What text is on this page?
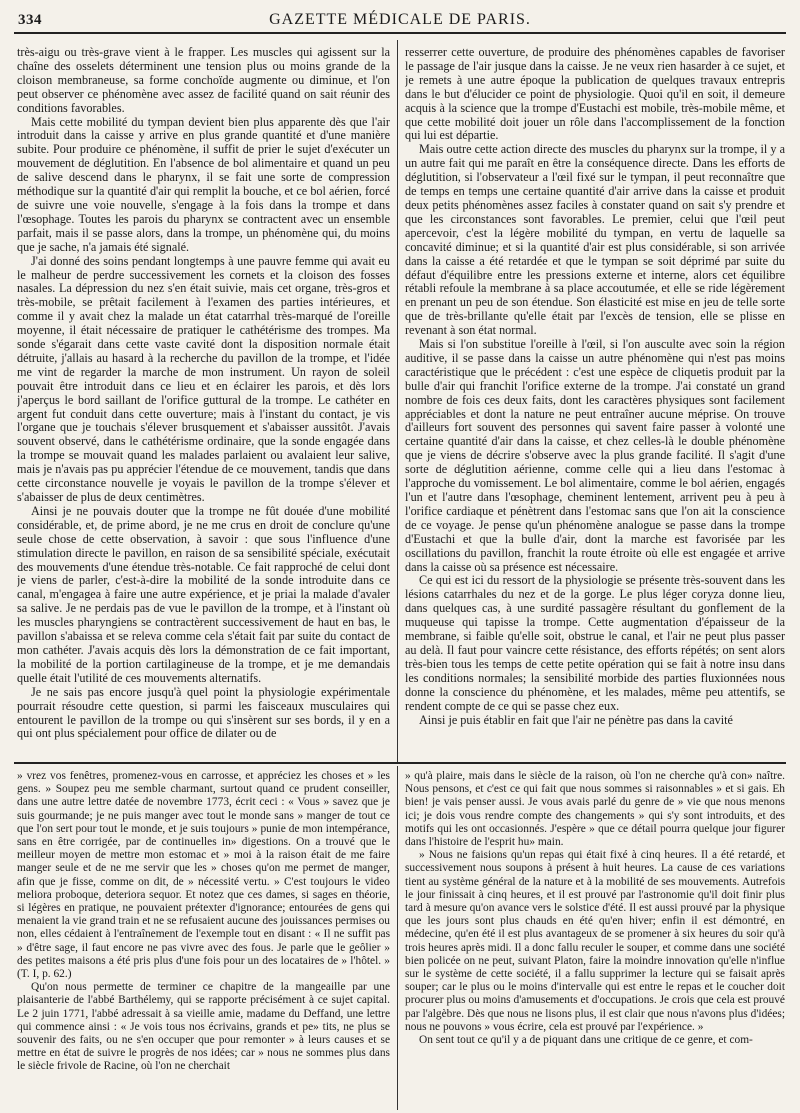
334	GAZETTE MÉDICALE DE PARIS.

très-aigu ou très-grave vient à le frapper. Les muscles qui agissent sur la chaîne des osselets déterminent une tension plus ou moins grande de la cloison membraneuse, sa forme conchoïde augmente ou diminue, et l'on peut observer ce phénomène avec assez de facilité quand on sait réunir des conditions favorables.

Mais cette mobilité du tympan devient bien plus apparente dès que l'air introduit dans la caisse y arrive en plus grande quantité et d'une manière subite. Pour produire ce phénomène, il suffit de prier le sujet d'exécuter un mouvement de déglutition. En l'absence de bol alimentaire et quand un peu de salive descend dans le pharynx, il se fait une sorte de compression méthodique sur la quantité d'air qui remplit la bouche, et ce bol aérien, forcé de suivre une voie nouvelle, s'engage à la fois dans la trompe et dans l'œsophage. Toutes les parois du pharynx se contractent avec un ensemble parfait, mais il se passe alors, dans la trompe, un phénomène qui, du moins que je sache, n'a jamais été signalé.

J'ai donné des soins pendant longtemps à une pauvre femme qui avait eu le malheur de perdre successivement les cornets et la cloison des fosses nasales. La dépression du nez s'en était suivie, mais cet organe, très-gros et très-mobile, se prêtait facilement à l'examen des parties intérieures, et comme il y avait chez la malade un état catarrhal très-marqué de l'oreille moyenne, il était nécessaire de pratiquer le cathétérisme des trompes. Ma sonde s'égarait dans cette vaste cavité dont la disposition normale était détruite, j'allais au hasard à la recherche du pavillon de la trompe, et l'idée me vint de regarder la marche de mon instrument. Un rayon de soleil pouvait être introduit dans ce lieu et en éclairer les parois, et dès lors j'aperçus le bord saillant de l'orifice guttural de la trompe. Le cathéter en argent fut conduit dans cette ouverture; mais à l'instant du contact, je vis l'organe que je touchais s'élever brusquement et s'abaisser aussitôt. J'avais souvent observé, dans le cathétérisme ordinaire, que la sonde engagée dans la trompe se mouvait quand les malades parlaient ou avalaient leur salive, mais je n'avais pas pu apprécier l'étendue de ce mouvement, tandis que dans cette circonstance nouvelle je voyais le pavillon de la trompe s'élever et s'abaisser de plus de deux centimètres.

Ainsi je ne pouvais douter que la trompe ne fût douée d'une mobilité considérable, et, de prime abord, je ne me crus en droit de conclure qu'une seule chose de cette observation, à savoir : que sous l'influence d'une stimulation directe le pavillon, en raison de sa sensibilité spéciale, exécutait des mouvements d'une étendue très-notable. Ce fait rapproché de celui dont je viens de parler, c'est-à-dire la mobilité de la sonde introduite dans ce canal, m'engagea à faire une autre expérience, et je priai la malade d'avaler sa salive. Je ne perdais pas de vue le pavillon de la trompe, et à l'instant où les muscles pharyngiens se contractèrent successivement de haut en bas, le pavillon s'abaissa et se releva comme cela s'était fait par suite du contact de mon cathéter. J'avais acquis dès lors la démonstration de ce fait important, la mobilité de la portion cartilagineuse de la trompe, et je me demandais quelle était l'utilité de ces mouvements alternatifs.

Je ne sais pas encore jusqu'à quel point la physiologie expérimentale pourrait résoudre cette question, si parmi les faisceaux musculaires qui entourent le pavillon de la trompe ou qui s'insèrent sur ses bords, il y en a qui ont plus spécialement pour office de dilater ou de

resserrer cette ouverture, de produire des phénomènes capables de favoriser le passage de l'air jusque dans la caisse. Je ne veux rien hasarder à ce sujet, et je remets à une autre époque la publication de quelques travaux entrepris dans le but d'élucider ce point de physiologie. Quoi qu'il en soit, il demeure acquis à la science que la trompe d'Eustachi est mobile, très-mobile même, et que cette mobilité doit jouer un rôle dans l'accomplissement de la fonction qui lui est départie.

Mais outre cette action directe des muscles du pharynx sur la trompe, il y a un autre fait qui me paraît en être la conséquence directe. Dans les efforts de déglutition, si l'observateur a l'œil fixé sur le tympan, il peut reconnaître que de temps en temps une certaine quantité d'air arrive dans la caisse et produit deux petits phénomènes assez faciles à constater quand on sait s'y prendre et que les circonstances sont favorables. Le premier, celui que l'œil peut apercevoir, c'est la légère mobilité du tympan, en vertu de laquelle sa concavité diminue; et si la quantité d'air est plus considérable, si son arrivée dans la caisse a été retardée et que le tympan se soit déprimé par suite du défaut d'équilibre entre les pressions externe et interne, alors cet équilibre rétabli refoule la membrane à sa place accoutumée, et elle se ride légèrement en prenant un peu de son étendue. Son élasticité est mise en jeu de telle sorte que de très-brillante qu'elle était par l'excès de tension, elle se plisse en revenant à son état normal.

Mais si l'on substitue l'oreille à l'œil, si l'on ausculte avec soin la région auditive, il se passe dans la caisse un autre phénomène qui n'est pas moins caractéristique que le précédent : c'est une espèce de cliquetis produit par la bulle d'air qui franchit l'orifice externe de la trompe. J'ai constaté un grand nombre de fois ces deux faits, dont les caractères physiques sont facilement appréciables et dont la nature ne peut entraîner aucune méprise. On trouve d'ailleurs fort souvent des personnes qui savent faire passer à volonté une certaine quantité d'air dans la caisse, et chez celles-là le double phénomène que je viens de décrire s'observe avec la plus grande facilité. Il s'agit d'une sorte de déglutition aérienne, comme celle qui a lieu dans l'estomac à l'approche du vomissement. Le bol alimentaire, comme le bol aérien, engagés l'un et l'autre dans l'œsophage, cheminent lentement, arrivent peu à peu à l'orifice cardiaque et pénètrent dans l'estomac sans que l'on ait la conscience de ce voyage. Je pense qu'un phénomène analogue se passe dans la trompe d'Eustachi et que la bulle d'air, dont la marche est favorisée par les oscillations du pavillon, franchit la route étroite où elle est engagée et arrive dans la caisse où sa présence est nécessaire.

Ce qui est ici du ressort de la physiologie se présente très-souvent dans les lésions catarrhales du nez et de la gorge. Le plus léger coryza donne lieu, dans quelques cas, à une surdité passagère résultant du gonflement de la muqueuse qui tapisse la trompe. Cette augmentation d'épaisseur de la membrane, si faible qu'elle soit, obstrue le canal, et l'air ne peut plus passer au delà. Il faut pour vaincre cette résistance, des efforts répétés; on sent alors très-bien tous les temps de cette petite opération qui se fait à notre insu dans les conditions normales; la sensibilité morbide des parties fluxionnées nous donne la conscience du phénomène, et les malades, même peu attentifs, se rendent compte de ce qui se passe chez eux.

Ainsi je puis établir en fait que l'air ne pénètre pas dans la cavité

» vrez vos fenêtres, promenez-vous en carrosse, et appréciez les choses et » les gens. » Soupez peu me semble charmant, surtout quand ce prudent conseiller, dans une autre lettre datée de novembre 1773, écrit ceci : « Vous » savez que je suis gourmande; je ne puis manger avec tout le monde sans » manger de tout ce que l'on sert pour tout le monde, et je suis toujours » punie de mon intempérance, sans en être corrigée, par de continuelles in» digestions. On a trouvé que le meilleur moyen de mettre mon estomac et » moi à la raison était de me faire manger seule et de ne me servir que les » choses qu'on me permet de manger, afin que je fisse, comme on dit, de » nécessité vertu. » C'est toujours le video meliora proboque, deteriora sequor. Et notez que ces dames, si sages en théorie, si légères en pratique, ne pouvaient prétexter d'ignorance; entourées de gens qui menaient la vie grand train et ne se refusaient aucune des jouissances permises ou non, elles cédaient à l'entraînement de l'exemple tout en disant : « Il ne suffit pas » d'être sage, il faut encore ne pas vivre avec des fous. Je parle que le geôlier » des petites maisons a été pris plus d'une fois pour un des locataires de » l'hôtel. » (T. I, p. 62.)

Qu'on nous permette de terminer ce chapitre de la mangeaille par une plaisanterie de l'abbé Barthélemy, qui se rapporte précisément à ce sujet capital. Le 2 juin 1771, l'abbé adressait à sa vieille amie, madame du Deffand, une lettre qui commence ainsi : « Je vois tous nos écrivains, grands et pe» tits, ne plus se souvenir des faits, ou ne s'en occuper que pour remonter » à leurs causes et se mettre en état de suivre le progrès de nos idées; car » nous ne sommes plus dans le siècle frivole de Racine, où l'on ne cherchait

» qu'à plaire, mais dans le siècle de la raison, où l'on ne cherche qu'à con» naître. Nous pensons, et c'est ce qui fait que nous sommes si raisonnables » et si gais. Eh bien! je vais penser aussi. Je vous avais parlé du genre de » vie que nous menons ici; je dois vous rendre compte des changements » qui s'y sont introduits, et des motifs qui les ont occasionnés. J'espère » que ce détail pourra quelque jour figurer dans l'histoire de l'esprit hu» main.

» Nous ne faisions qu'un repas qui était fixé à cinq heures. Il a été retardé, et successivement nous soupons à présent à huit heures. La cause de ces variations tient au système général de la nature et à la mobilité de ses mouvements. Autrefois le jour finissait à cinq heures, et il est prouvé par l'astronomie qu'il doit finir plus tard à mesure qu'on avance vers le solstice d'été. Il est aussi prouvé par la physique que les jours sont plus chauds en été qu'en hiver; enfin il est démontré, en médecine, qu'en été il est plus avantageux de se promener à six heures du soir qu'à trois heures après midi. Il a donc fallu reculer le souper, et comme dans une société bien policée on ne peut, suivant Platon, faire la moindre innovation qu'elle n'influe sur le système de cette société, il a fallu supprimer la lecture qui se faisait après souper; car le plus ou le moins d'intervalle qui est entre le repas et le coucher doit procurer plus ou moins d'amusements et d'occupations. Je crois que cela est prouvé par l'algèbre. Dès que nous ne lisons plus, il est clair que nous n'avons plus d'idées; nous ne pouvons » vous écrire, cela est prouvé par l'expérience. »

On sent tout ce qu'il y a de piquant dans une critique de ce genre, et com-
